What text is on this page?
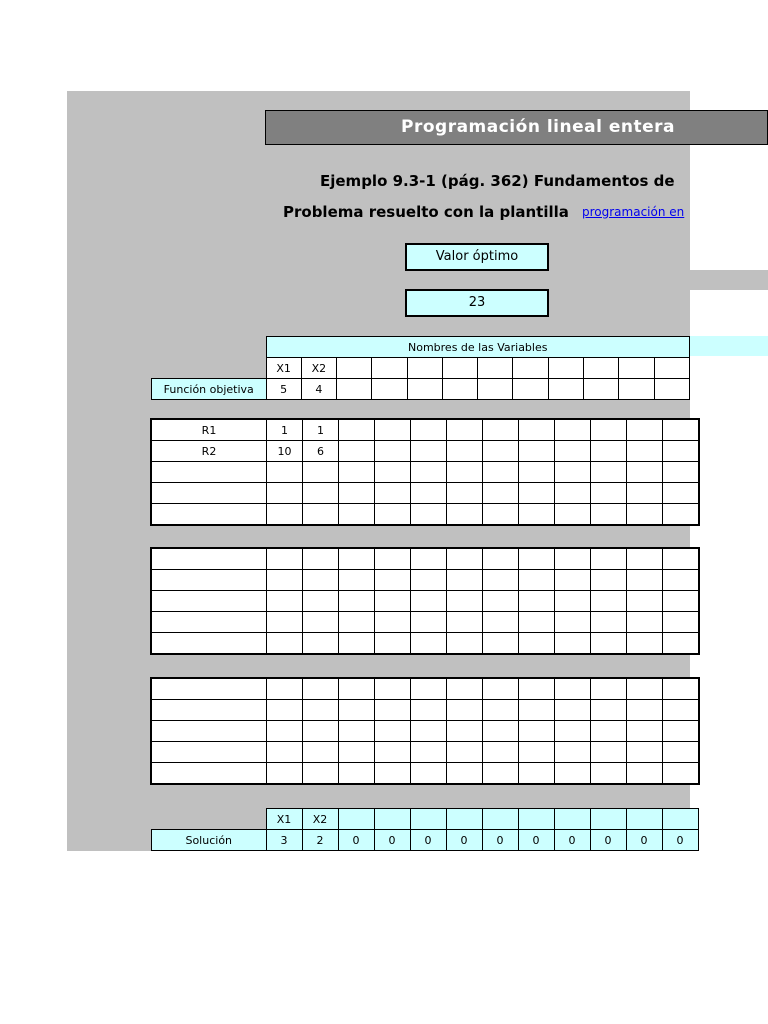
Programación lineal entera
Ejemplo 9.3-1 (pág. 362) Fundamentos de
Problema resuelto con la plantilla	programación en
Valor óptimo
23
	Nombres de las Variables											
	X1	X2										
Función objetiva	5	4										
R1	1	1										
R2	10	6										

	X1	X2										
Solución	3	2	0	0	0	0	0	0	0	0	0	0
